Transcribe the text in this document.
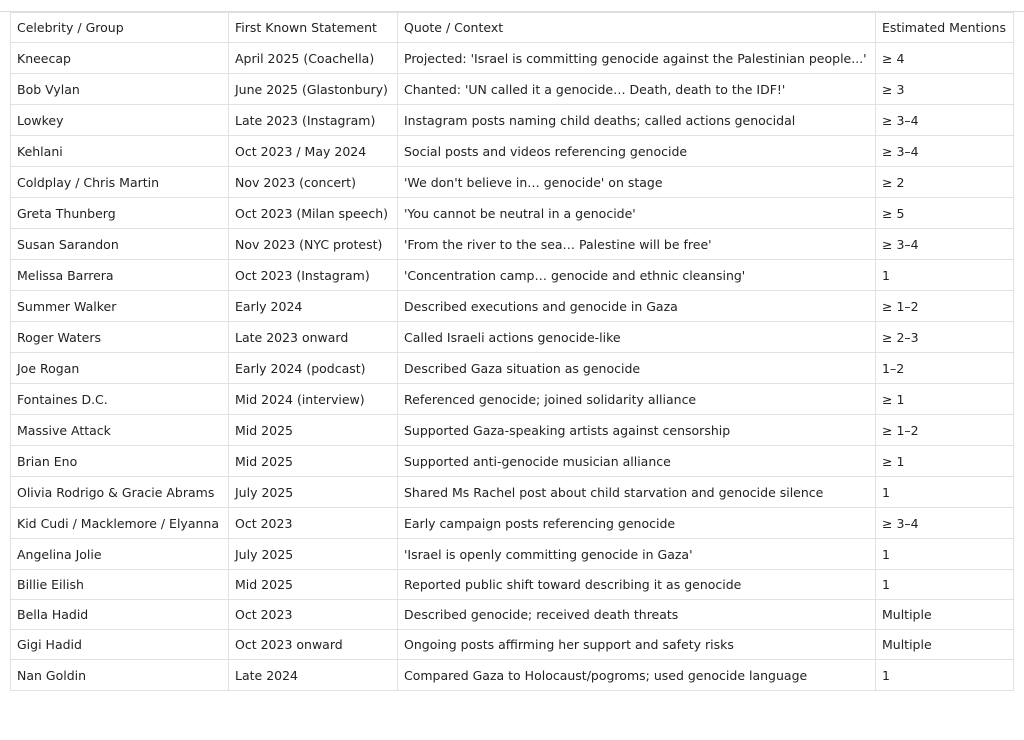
Celebrity / Group	First Known Statement	Quote / Context	Estimated Mentions
Kneecap	April 2025 (Coachella)	Projected: 'Israel is committing genocide against the Palestinian people...'	≥ 4
Bob Vylan	June 2025 (Glastonbury)	Chanted: 'UN called it a genocide… Death, death to the IDF!'	≥ 3
Lowkey	Late 2023 (Instagram)	Instagram posts naming child deaths; called actions genocidal	≥ 3–4
Kehlani	Oct 2023 / May 2024	Social posts and videos referencing genocide	≥ 3–4
Coldplay / Chris Martin	Nov 2023 (concert)	'We don't believe in… genocide' on stage	≥ 2
Greta Thunberg	Oct 2023 (Milan speech)	'You cannot be neutral in a genocide'	≥ 5
Susan Sarandon	Nov 2023 (NYC protest)	'From the river to the sea… Palestine will be free'	≥ 3–4
Melissa Barrera	Oct 2023 (Instagram)	'Concentration camp… genocide and ethnic cleansing'	1
Summer Walker	Early 2024	Described executions and genocide in Gaza	≥ 1–2
Roger Waters	Late 2023 onward	Called Israeli actions genocide-like	≥ 2–3
Joe Rogan	Early 2024 (podcast)	Described Gaza situation as genocide	1–2
Fontaines D.C.	Mid 2024 (interview)	Referenced genocide; joined solidarity alliance	≥ 1
Massive Attack	Mid 2025	Supported Gaza-speaking artists against censorship	≥ 1–2
Brian Eno	Mid 2025	Supported anti-genocide musician alliance	≥ 1
Olivia Rodrigo & Gracie Abrams	July 2025	Shared Ms Rachel post about child starvation and genocide silence	1
Kid Cudi / Macklemore / Elyanna	Oct 2023	Early campaign posts referencing genocide	≥ 3–4
Angelina Jolie	July 2025	'Israel is openly committing genocide in Gaza'	1
Billie Eilish	Mid 2025	Reported public shift toward describing it as genocide	1
Bella Hadid	Oct 2023	Described genocide; received death threats	Multiple
Gigi Hadid	Oct 2023 onward	Ongoing posts affirming her support and safety risks	Multiple
Nan Goldin	Late 2024	Compared Gaza to Holocaust/pogroms; used genocide language	1
